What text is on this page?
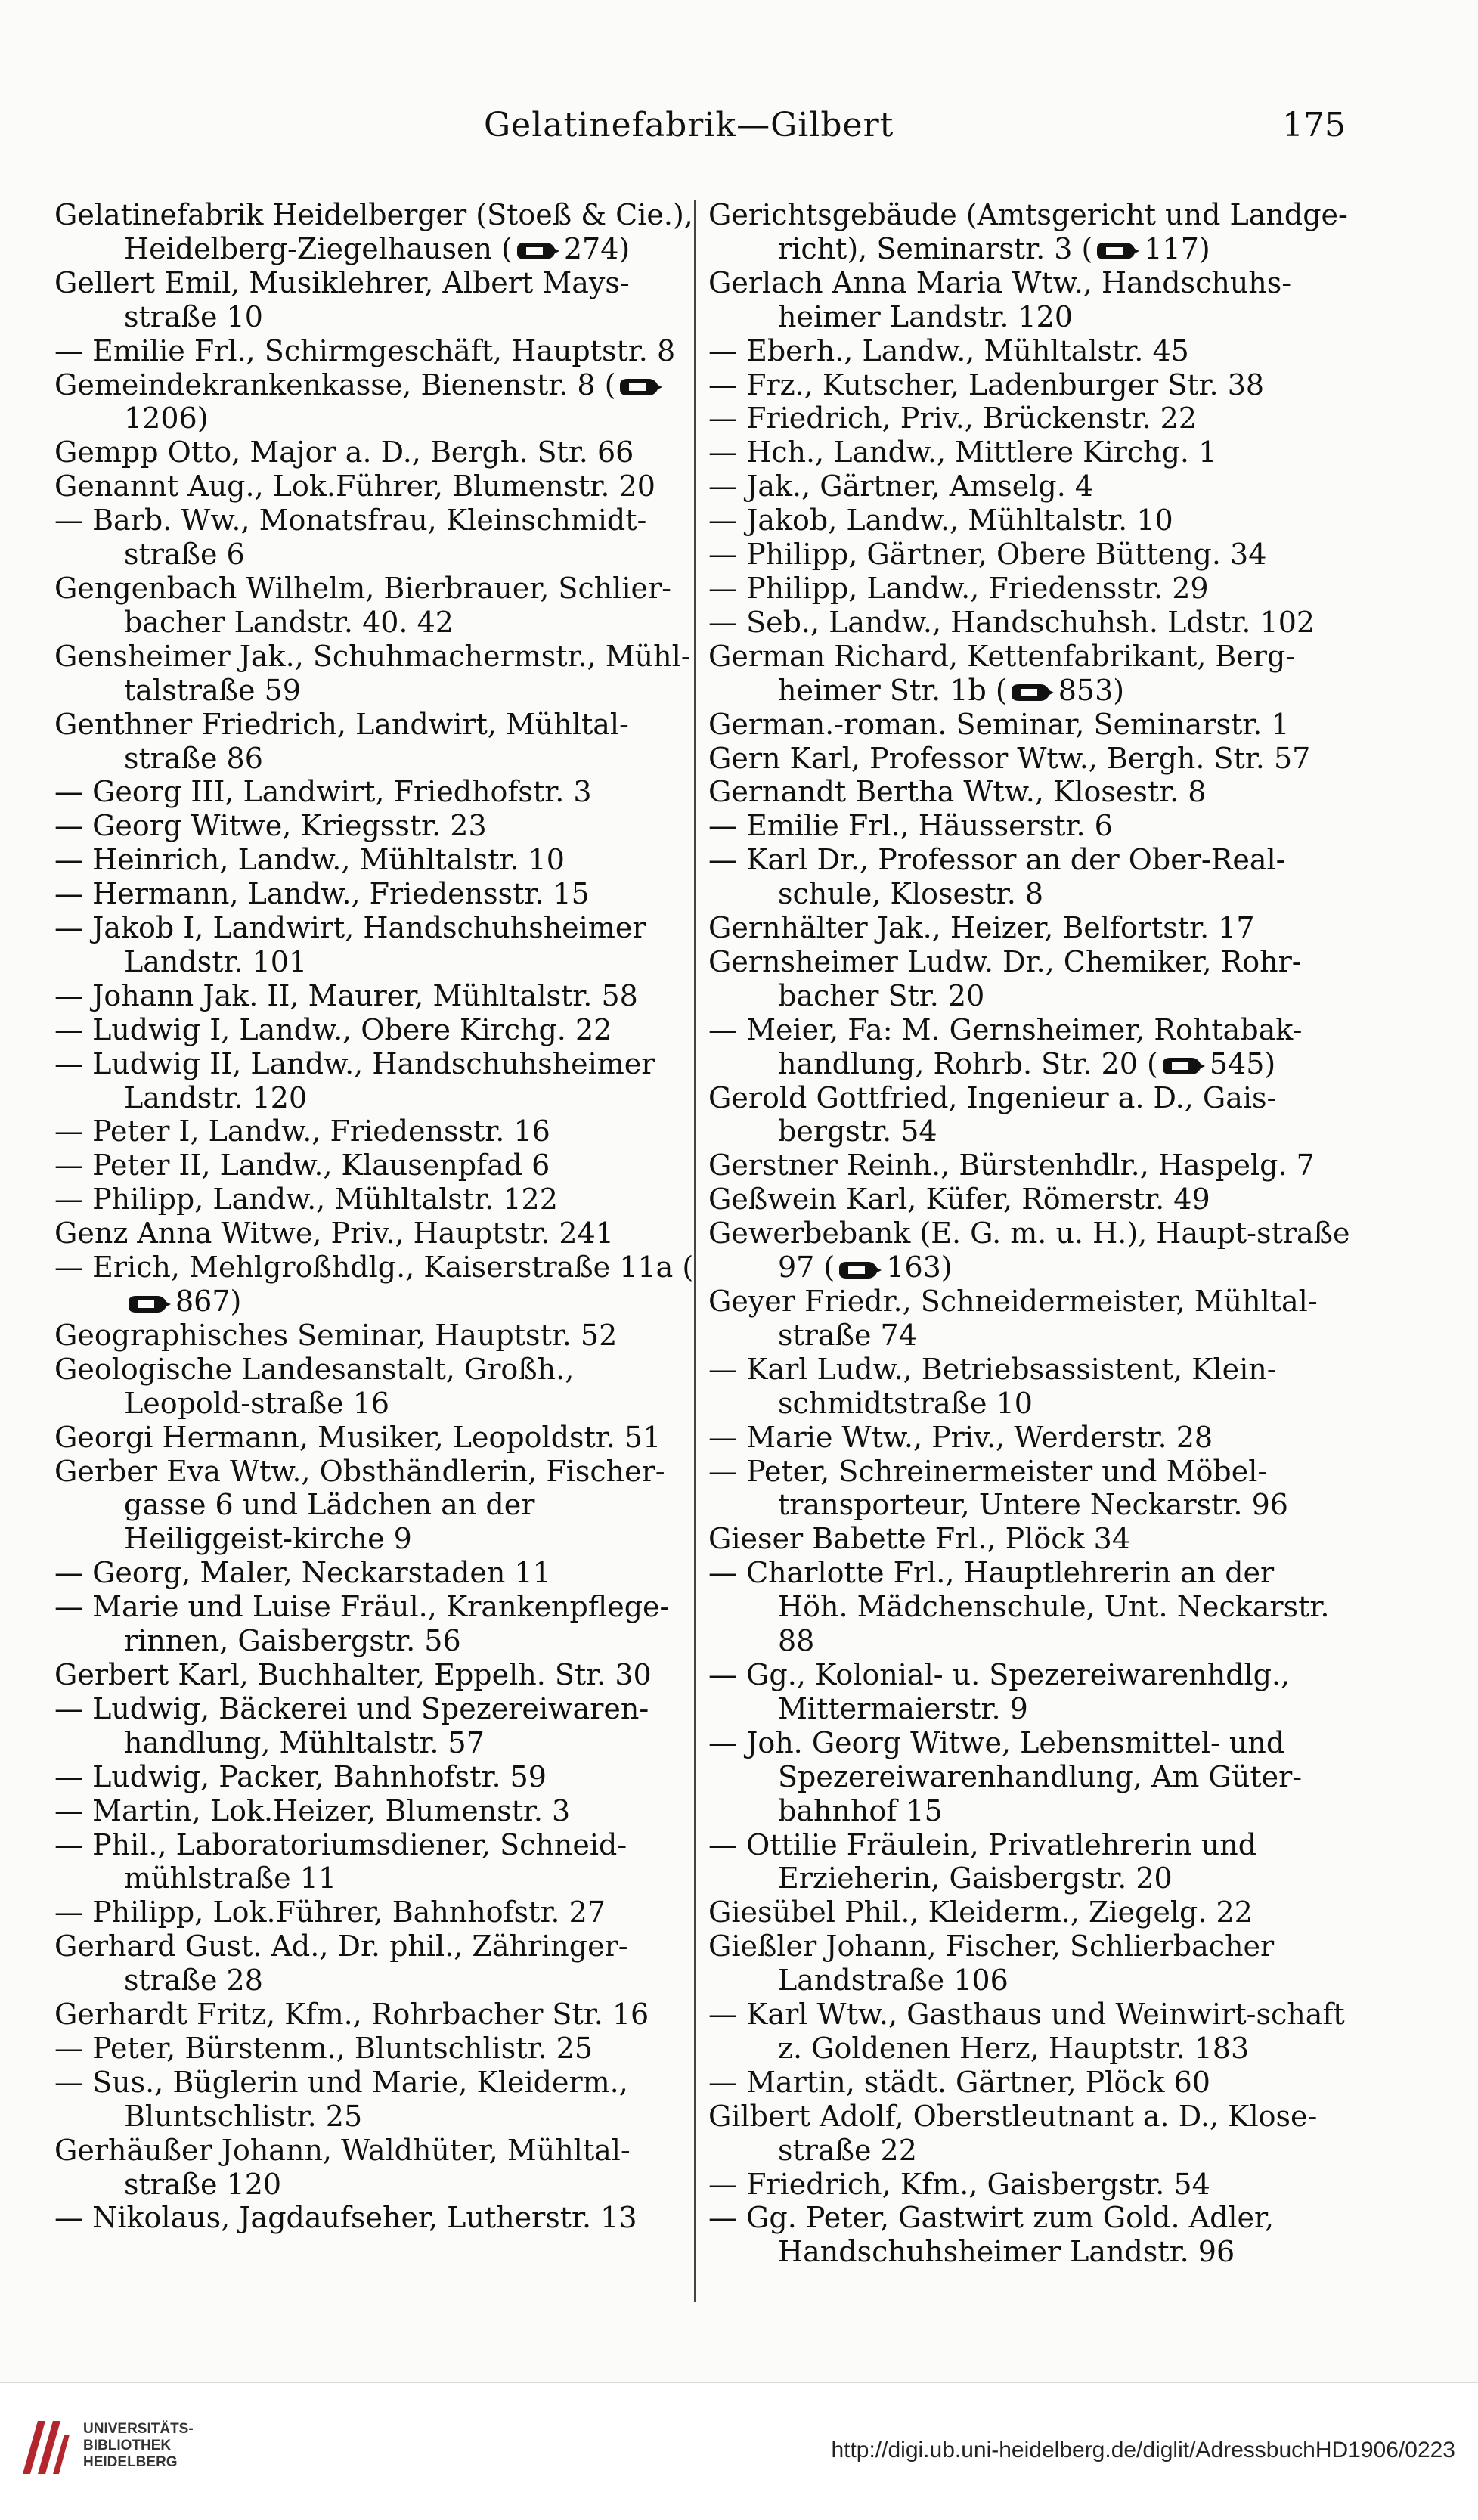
Gelatinefabrik—Gilbert	175

Gelatinefabrik Heidelberger (Stoeß & Cie.), Heidelberg-Ziegelhausen ( 274)

Gellert Emil, Musiklehrer, Albert Mays-straße 10

— Emilie Frl., Schirmgeschäft, Hauptstr. 8

Gemeindekrankenkasse, Bienenstr. 8 (1206)

Gempp Otto, Major a. D., Bergh. Str. 66

Genannt Aug., Lok.Führer, Blumenstr. 20

— Barb. Ww., Monatsfrau, Kleinschmidt-straße 6

Gengenbach Wilhelm, Bierbrauer, Schlier-bacher Landstr. 40. 42

Gensheimer Jak., Schuhmachermstr., Mühl-talstraße 59

Genthner Friedrich, Landwirt, Mühltal-straße 86

— Georg III, Landwirt, Friedhofstr. 3

— Georg Witwe, Kriegsstr. 23

— Heinrich, Landw., Mühltalstr. 10

— Hermann, Landw., Friedensstr. 15

— Jakob I, Landwirt, Handschuhsheimer Landstr. 101

— Johann Jak. II, Maurer, Mühltalstr. 58

— Ludwig I, Landw., Obere Kirchg. 22

— Ludwig II, Landw., Handschuhsheimer Landstr. 120

— Peter I, Landw., Friedensstr. 16

— Peter II, Landw., Klausenpfad 6

— Philipp, Landw., Mühltalstr. 122

Genz Anna Witwe, Priv., Hauptstr. 241

— Erich, Mehlgroßhdlg., Kaiserstraße 11a (867)

Geographisches Seminar, Hauptstr. 52

Geologische Landesanstalt, Großh., Leopold-straße 16

Georgi Hermann, Musiker, Leopoldstr. 51

Gerber Eva Wtw., Obsthändlerin, Fischer-gasse 6 und Lädchen an der Heiliggeist-kirche 9

— Georg, Maler, Neckarstaden 11

— Marie und Luise Fräul., Krankenpflege-rinnen, Gaisbergstr. 56

Gerbert Karl, Buchhalter, Eppelh. Str. 30

— Ludwig, Bäckerei und Spezereiwaren-handlung, Mühltalstr. 57

— Ludwig, Packer, Bahnhofstr. 59

— Martin, Lok.Heizer, Blumenstr. 3

— Phil., Laboratoriumsdiener, Schneid-mühlstraße 11

— Philipp, Lok.Führer, Bahnhofstr. 27

Gerhard Gust. Ad., Dr. phil., Zähringer-straße 28

Gerhardt Fritz, Kfm., Rohrbacher Str. 16

— Peter, Bürstenm., Bluntschlistr. 25

— Sus., Büglerin und Marie, Kleiderm., Bluntschlistr. 25

Gerhäußer Johann, Waldhüter, Mühltal-straße 120

— Nikolaus, Jagdaufseher, Lutherstr. 13

Gerichtsgebäude (Amtsgericht und Landge-richt), Seminarstr. 3 ( 117)

Gerlach Anna Maria Wtw., Handschuhs-heimer Landstr. 120

— Eberh., Landw., Mühltalstr. 45

— Frz., Kutscher, Ladenburger Str. 38

— Friedrich, Priv., Brückenstr. 22

— Hch., Landw., Mittlere Kirchg. 1

— Jak., Gärtner, Amselg. 4

— Jakob, Landw., Mühltalstr. 10

— Philipp, Gärtner, Obere Bütteng. 34

— Philipp, Landw., Friedensstr. 29

— Seb., Landw., Handschuhsh. Ldstr. 102

German Richard, Kettenfabrikant, Berg-heimer Str. 1b ( 853)

German.-roman. Seminar, Seminarstr. 1

Gern Karl, Professor Wtw., Bergh. Str. 57

Gernandt Bertha Wtw., Klosestr. 8

— Emilie Frl., Häusserstr. 6

— Karl Dr., Professor an der Ober-Real-schule, Klosestr. 8

Gernhälter Jak., Heizer, Belfortstr. 17

Gernsheimer Ludw. Dr., Chemiker, Rohr-bacher Str. 20

— Meier, Fa: M. Gernsheimer, Rohtabak-handlung, Rohrb. Str. 20 ( 545)

Gerold Gottfried, Ingenieur a. D., Gais-bergstr. 54

Gerstner Reinh., Bürstenhdlr., Haspelg. 7

Geßwein Karl, Küfer, Römerstr. 49

Gewerbebank (E. G. m. u. H.), Haupt-straße 97 ( 163)

Geyer Friedr., Schneidermeister, Mühltal-straße 74

— Karl Ludw., Betriebsassistent, Klein-schmidtstraße 10

— Marie Wtw., Priv., Werderstr. 28

— Peter, Schreinermeister und Möbel-transporteur, Untere Neckarstr. 96

Gieser Babette Frl., Plöck 34

— Charlotte Frl., Hauptlehrerin an der Höh. Mädchenschule, Unt. Neckarstr. 88

— Gg., Kolonial- u. Spezereiwarenhdlg., Mittermaierstr. 9

— Joh. Georg Witwe, Lebensmittel- und Spezereiwarenhandlung, Am Güter-bahnhof 15

— Ottilie Fräulein, Privatlehrerin und Erzieherin, Gaisbergstr. 20

Giesübel Phil., Kleiderm., Ziegelg. 22

Gießler Johann, Fischer, Schlierbacher Landstraße 106

— Karl Wtw., Gasthaus und Weinwirt-schaft z. Goldenen Herz, Hauptstr. 183

— Martin, städt. Gärtner, Plöck 60

Gilbert Adolf, Oberstleutnant a. D., Klose-straße 22

— Friedrich, Kfm., Gaisbergstr. 54

— Gg. Peter, Gastwirt zum Gold. Adler, Handschuhsheimer Landstr. 96

UNIVERSITÄTS-
BIBLIOTHEK
HEIDELBERG	http://digi.ub.uni-heidelberg.de/diglit/AdressbuchHD1906/0223
